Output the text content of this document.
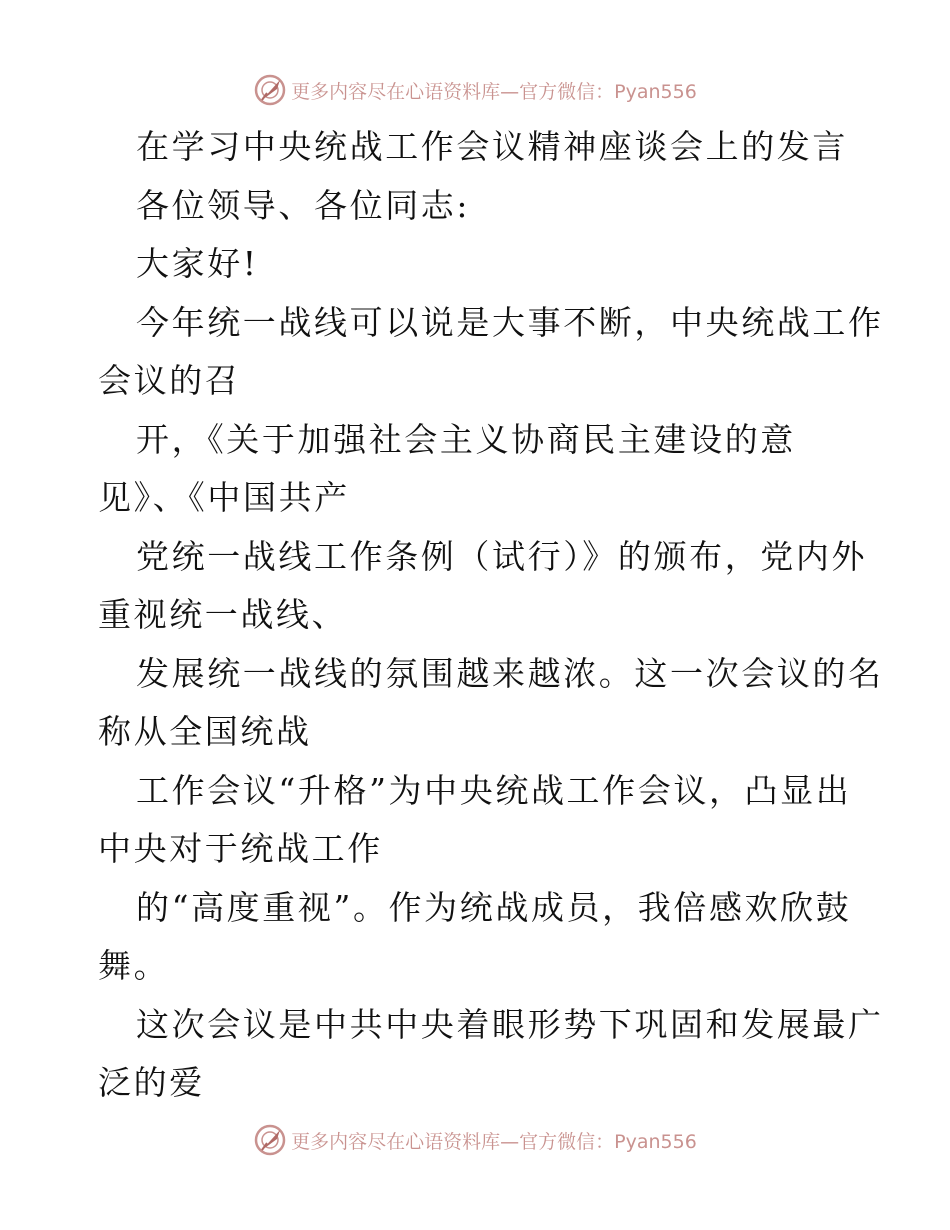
更多内容尽在心语资料库—官方微信：Pyan556
在学习中央统战工作会议精神座谈会上的发言
各位领导、各位同志:
大家好!
今年统一战线可以说是大事不断，中央统战工作
会议的召
开，《关于加强社会主义协商民主建设的意
见》、《中国共产
党统一战线工作条例（试行）》的颁布，党内外
重视统一战线、
发展统一战线的氛围越来越浓。这一次会议的名
称从全国统战
工作会议“升格”为中央统战工作会议，凸显出
中央对于统战工作
的“高度重视”。作为统战成员，我倍感欢欣鼓
舞。
这次会议是中共中央着眼形势下巩固和发展最广
泛的爱
更多内容尽在心语资料库—官方微信：Pyan556
